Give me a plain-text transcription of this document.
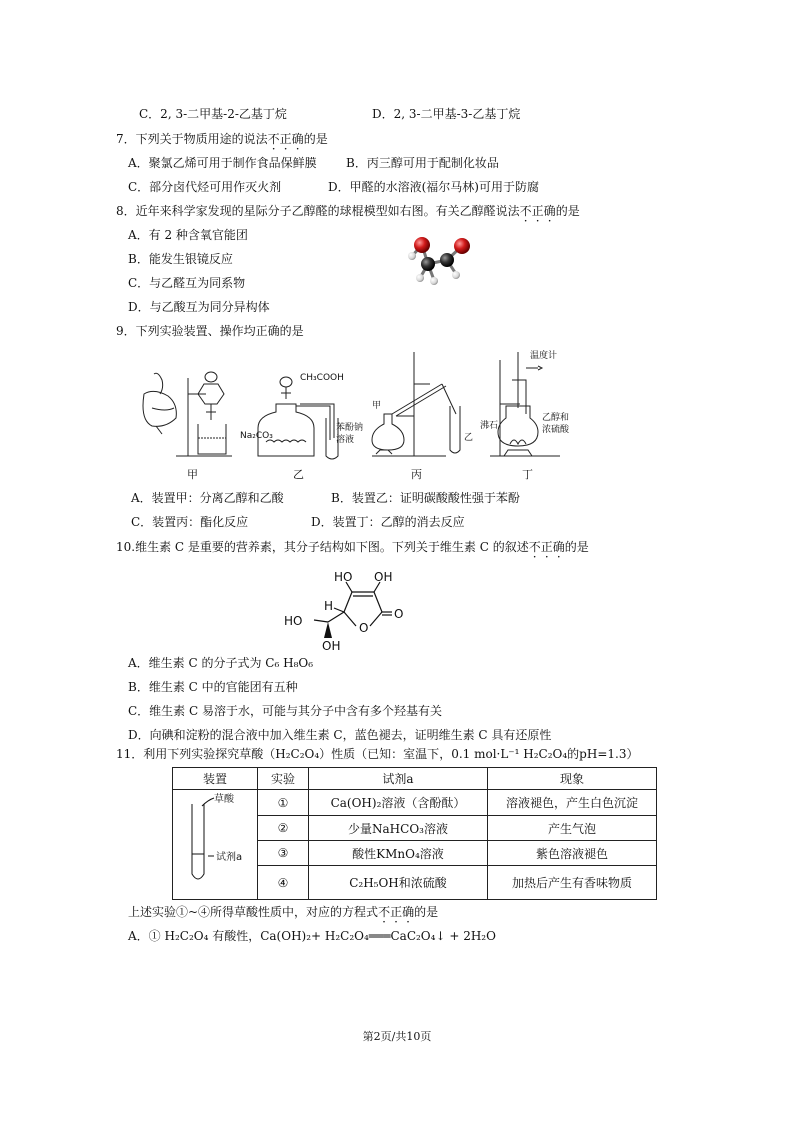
C．2, 3-二甲基-2-乙基丁烷	D．2, 3-二甲基-3-乙基丁烷
7．下列关于物质用途的说法不正确的是
A．聚氯乙烯可用于制作食品保鲜膜 B．丙三醇可用于配制化妆品
C．部分卤代烃可用作灭火剂	D．甲醛的水溶液(福尔马林)可用于防腐
8．近年来科学家发现的星际分子乙醇醛的球棍模型如右图。有关乙醇醛说法不正确的是
A．有 2 种含氧官能团
B．能发生银镜反应
C．与乙醛互为同系物
D．与乙酸互为同分异构体
9．下列实验装置、操作均正确的是
CH₃COOH
Na₂CO₃
苯酚钠
溶液
甲
乙
温度计
沸石
乙醇和
浓硫酸
甲	乙	丙	丁
A．装置甲：分离乙醇和乙酸	B．装置乙：证明碳酸酸性强于苯酚
C．装置丙：酯化反应	D．装置丁：乙醇的消去反应
10.维生素 C 是重要的营养素，其分子结构如下图。下列关于维生素 C 的叙述不正确的是
HO OH
H
O
O
HO
OH
A．维生素 C 的分子式为 C₆ H₈O₆
B．维生素 C 中的官能团有五种
C．维生素 C 易溶于水，可能与其分子中含有多个羟基有关
D．向碘和淀粉的混合液中加入维生素 C，蓝色褪去，证明维生素 C 具有还原性
11．利用下列实验探究草酸（H₂C₂O₄）性质（已知：室温下，0.1 mol·L⁻¹ H₂C₂O₄的pH=1.3）
装置	实验	试剂a	现象

草酸
试剂a	①	Ca(OH)₂溶液（含酚酞）	溶液褪色，产生白色沉淀
	②	少量NaHCO₃溶液	产生气泡
	③	酸性KMnO₄溶液	紫色溶液褪色
	④	C₂H₅OH和浓硫酸	加热后产生有香味物质
上述实验①~④所得草酸性质中，对应的方程式不正确的是
A．① H₂C₂O₄ 有酸性，Ca(OH)₂+ H₂C₂O₄═══CaC₂O₄↓ + 2H₂O
第2页/共10页
